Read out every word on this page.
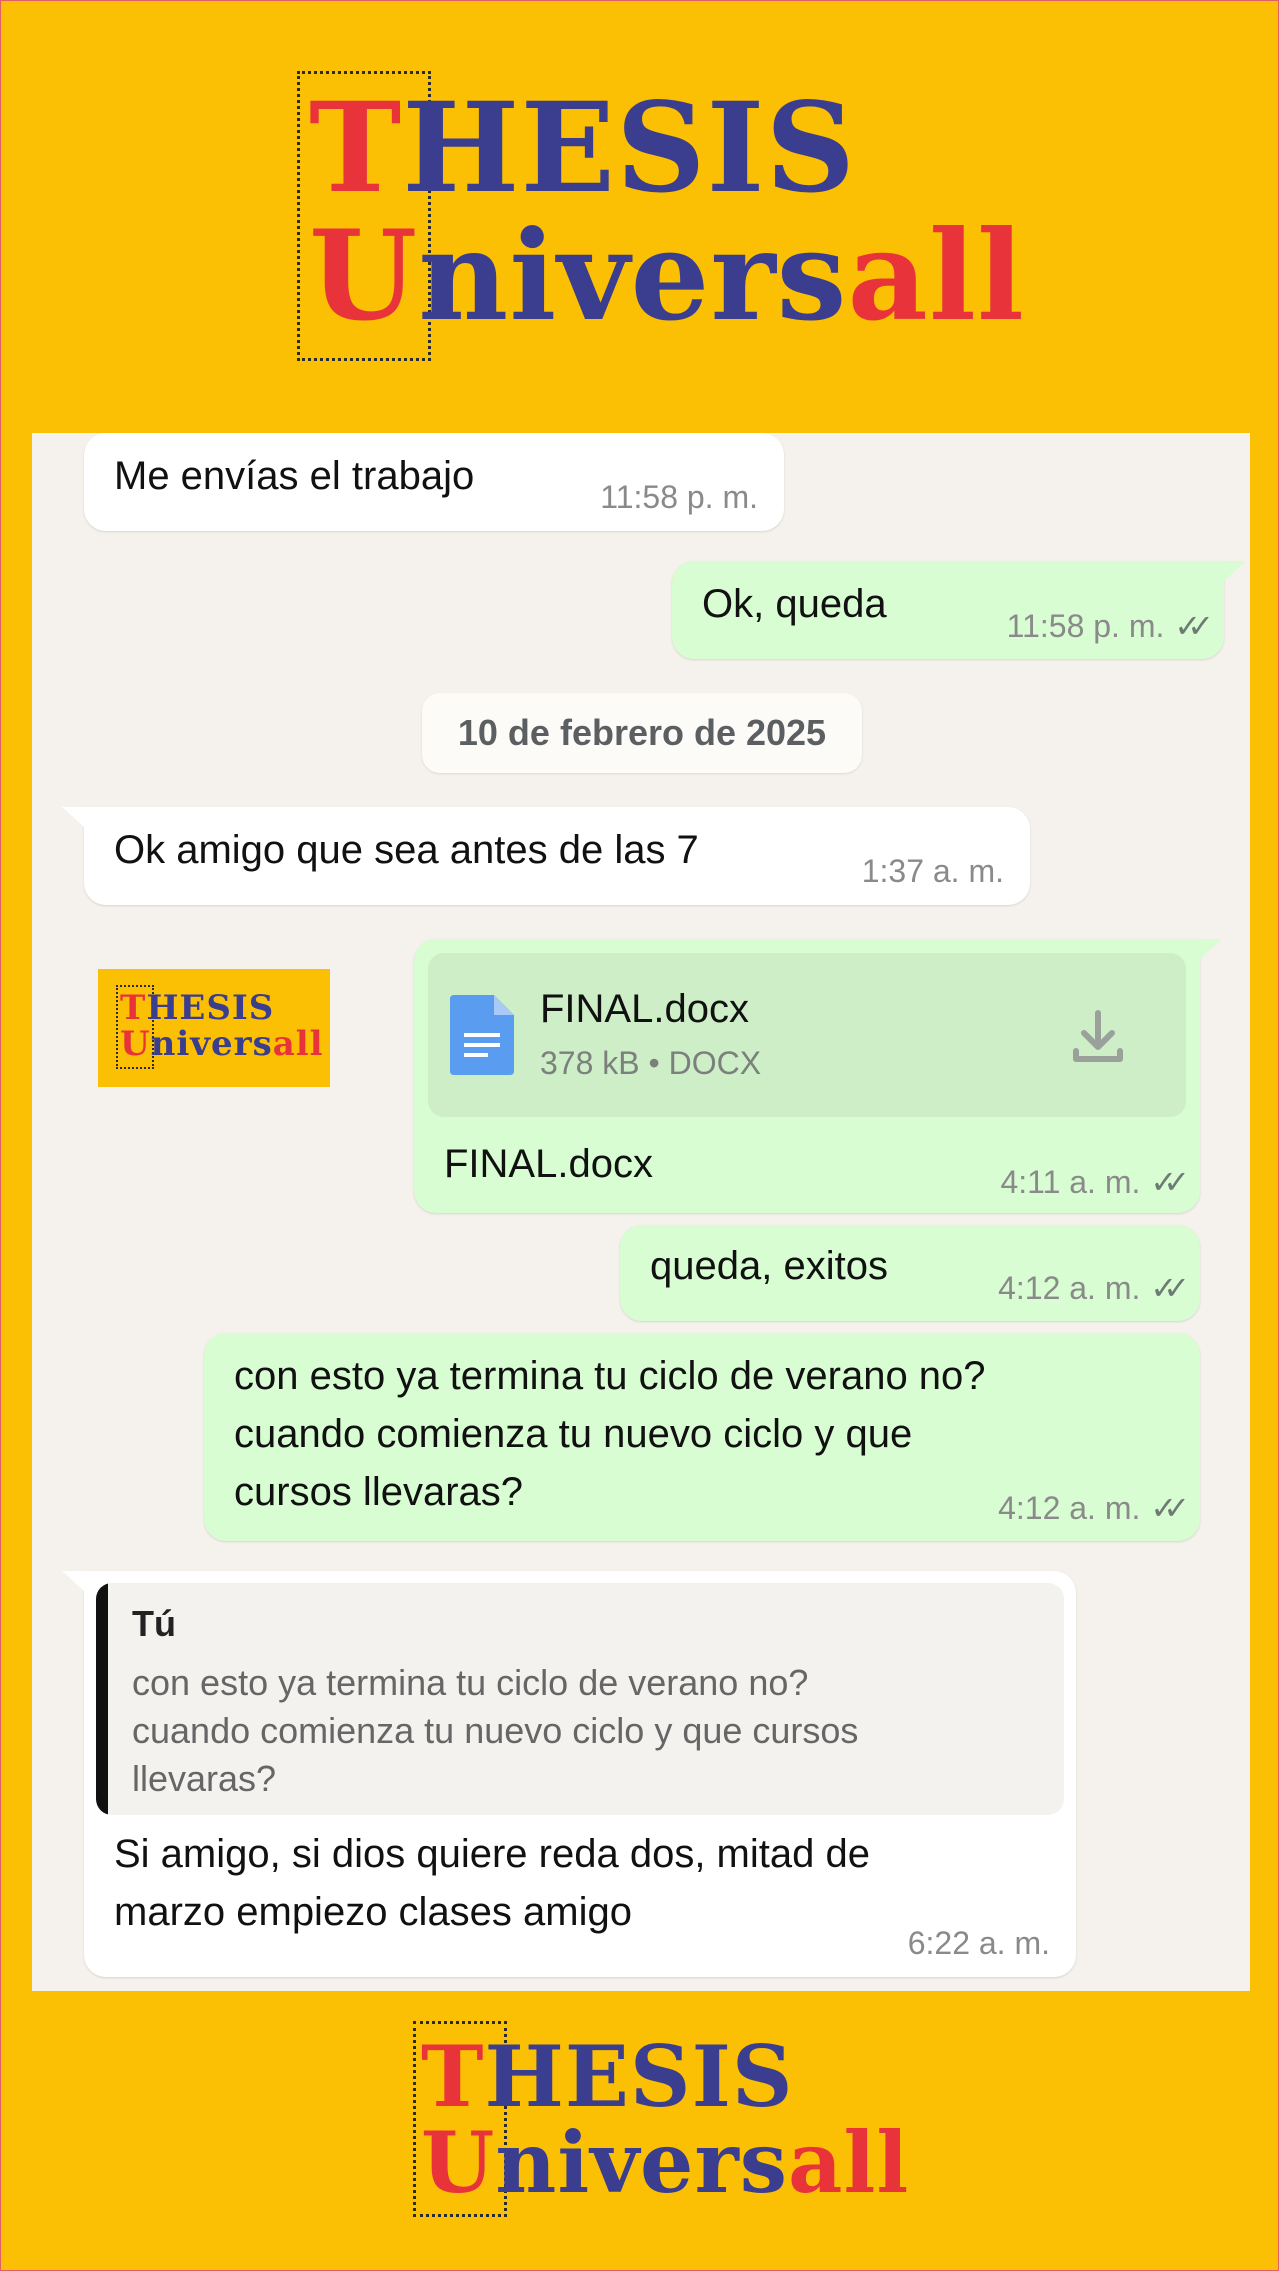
THESIS
Universall
Me envías el trabajo	11:58 p. m.
Ok, queda	11:58 p. m. ✓✓
10 de febrero de 2025
Ok amigo que sea antes de las 7	1:37 a. m.
THESIS
Universall
FINAL.docx
378 kB • DOCX
FINAL.docx	4:11 a. m. ✓✓
queda, exitos	4:12 a. m. ✓✓
con esto ya termina tu ciclo de verano no?
cuando comienza tu nuevo ciclo y que
cursos llevaras?	4:12 a. m. ✓✓
Tú
con esto ya termina tu ciclo de verano no?
cuando comienza tu nuevo ciclo y que cursos
llevaras?
Si amigo, si dios quiere reda dos, mitad de
marzo empiezo clases amigo
6:22 a. m.
THESIS
Universall
